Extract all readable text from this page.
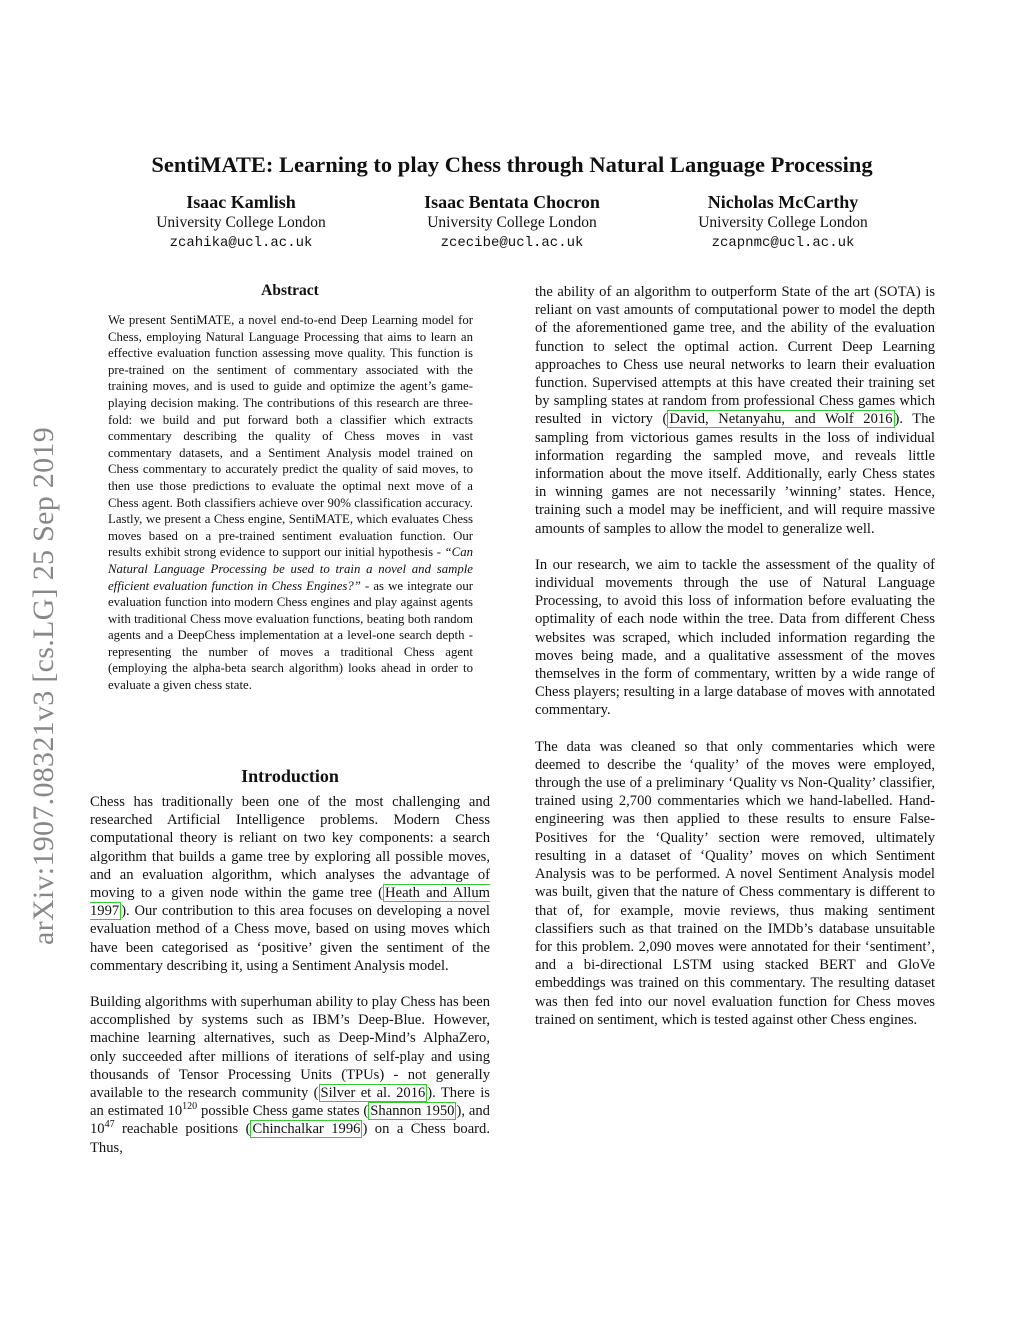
arXiv:1907.08321v3 [cs.LG] 25 Sep 2019
SentiMATE: Learning to play Chess through Natural Language Processing
Isaac Kamlish
University College London
zcahika@ucl.ac.uk
Isaac Bentata Chocron
University College London
zcecibe@ucl.ac.uk
Nicholas McCarthy
University College London
zcapnmc@ucl.ac.uk
Abstract
We present SentiMATE, a novel end-to-end Deep Learning model for Chess, employing Natural Language Processing that aims to learn an effective evaluation function assessing move quality. This function is pre-trained on the sentiment of commentary associated with the training moves, and is used to guide and optimize the agent’s game-playing decision making. The contributions of this research are three-fold: we build and put forward both a classifier which extracts commentary describing the quality of Chess moves in vast commentary datasets, and a Sentiment Analysis model trained on Chess commentary to accurately predict the quality of said moves, to then use those predictions to evaluate the optimal next move of a Chess agent. Both classifiers achieve over 90% classification accuracy. Lastly, we present a Chess engine, SentiMATE, which evaluates Chess moves based on a pre-trained sentiment evaluation function. Our results exhibit strong evidence to support our initial hypothesis - “Can Natural Language Processing be used to train a novel and sample efficient evaluation function in Chess Engines?” - as we integrate our evaluation function into modern Chess engines and play against agents with traditional Chess move evaluation functions, beating both random agents and a DeepChess implementation at a level-one search depth - representing the number of moves a traditional Chess agent (employing the alpha-beta search algorithm) looks ahead in order to evaluate a given chess state.
Introduction

Chess has traditionally been one of the most challenging and researched Artificial Intelligence problems. Modern Chess computational theory is reliant on two key components: a search algorithm that builds a game tree by exploring all possible moves, and an evaluation algorithm, which analyses the advantage of moving to a given node within the game tree ( Heath and Allum 1997 ). Our contribution to this area focuses on developing a novel evaluation method of a Chess move, based on using moves which have been categorised as ‘positive’ given the sentiment of the commentary describing it, using a Sentiment Analysis model.

Building algorithms with superhuman ability to play Chess has been accomplished by systems such as IBM’s Deep-Blue. However, machine learning alternatives, such as Deep-Mind’s AlphaZero, only succeeded after millions of iterations of self-play and using thousands of Tensor Processing Units (TPUs) - not generally available to the research community ( Silver et al. 2016 ). There is an estimated $10^{120}$ possible Chess game states ( Shannon 1950 ), and $10^{47}$ reachable positions ( Chinchalkar 1996 ) on a Chess board. Thus,

the ability of an algorithm to outperform State of the art (SOTA) is reliant on vast amounts of computational power to model the depth of the aforementioned game tree, and the ability of the evaluation function to select the optimal action. Current Deep Learning approaches to Chess use neural networks to learn their evaluation function. Supervised attempts at this have created their training set by sampling states at random from professional Chess games which resulted in victory ( David, Netanyahu, and Wolf 2016 ). The sampling from victorious games results in the loss of individual information regarding the sampled move, and reveals little information about the move itself. Additionally, early Chess states in winning games are not necessarily ’winning’ states. Hence, training such a model may be inefficient, and will require massive amounts of samples to allow the model to generalize well.

In our research, we aim to tackle the assessment of the quality of individual movements through the use of Natural Language Processing, to avoid this loss of information before evaluating the optimality of each node within the tree. Data from different Chess websites was scraped, which included information regarding the moves being made, and a qualitative assessment of the moves themselves in the form of commentary, written by a wide range of Chess players; resulting in a large database of moves with annotated commentary.

The data was cleaned so that only commentaries which were deemed to describe the ‘quality’ of the moves were employed, through the use of a preliminary ‘Quality vs Non-Quality’ classifier, trained using 2,700 commentaries which we hand-labelled. Hand-engineering was then applied to these results to ensure False-Positives for the ‘Quality’ section were removed, ultimately resulting in a dataset of ‘Quality’ moves on which Sentiment Analysis was to be performed. A novel Sentiment Analysis model was built, given that the nature of Chess commentary is different to that of, for example, movie reviews, thus making sentiment classifiers such as that trained on the IMDb’s database unsuitable for this problem. 2,090 moves were annotated for their ‘sentiment’, and a bi-directional LSTM using stacked BERT and GloVe embeddings was trained on this commentary. The resulting dataset was then fed into our novel evaluation function for Chess moves trained on sentiment, which is tested against other Chess engines.
